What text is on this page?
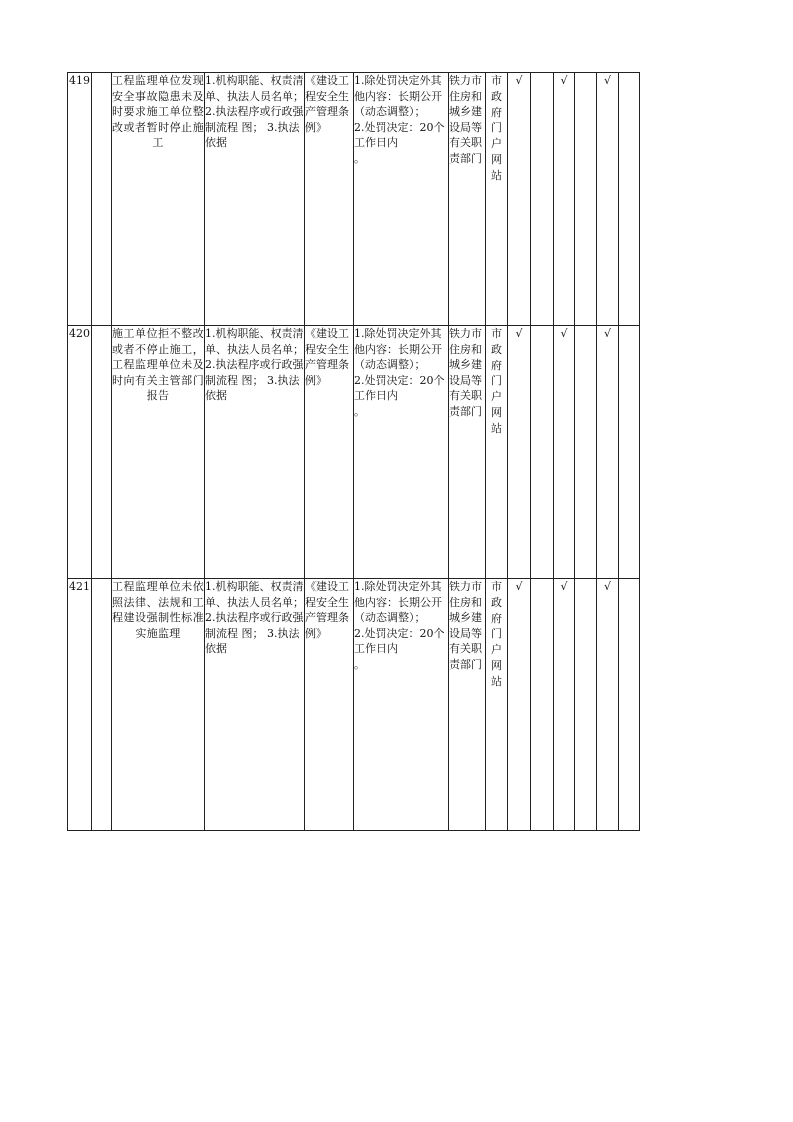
419		工程监理单位发现安全事故隐患未及时要求施工单位整改或者暂时停止施工	1.机构职能、权责清单、执法人员名单； 2.执法程序或行政强制流程 图； 3.执法依据	《建设工程安全生产管理条例》	1.除处罚决定外其他内容：长期公开
（动态调整）；
2.处罚决定：20个工作日内
。	铁力市住房和城乡建设局等有关职责部门	市政府门户网站	√		√		√	
420		施工单位拒不整改或者不停止施工，工程监理单位未及时向有关主管部门报告	1.机构职能、权责清单、执法人员名单； 2.执法程序或行政强制流程 图； 3.执法依据	《建设工程安全生产管理条例》	1.除处罚决定外其他内容：长期公开
（动态调整）；
2.处罚决定：20个工作日内
。	铁力市住房和城乡建设局等有关职责部门	市政府门户网站	√		√		√	
421		工程监理单位未依照法律、法规和工程建设强制性标准实施监理	1.机构职能、权责清单、执法人员名单； 2.执法程序或行政强制流程 图； 3.执法依据	《建设工程安全生产管理条例》	1.除处罚决定外其他内容：长期公开
（动态调整）；
2.处罚决定：20个工作日内
。	铁力市住房和城乡建设局等有关职责部门	市政府门户网站	√		√		√	
